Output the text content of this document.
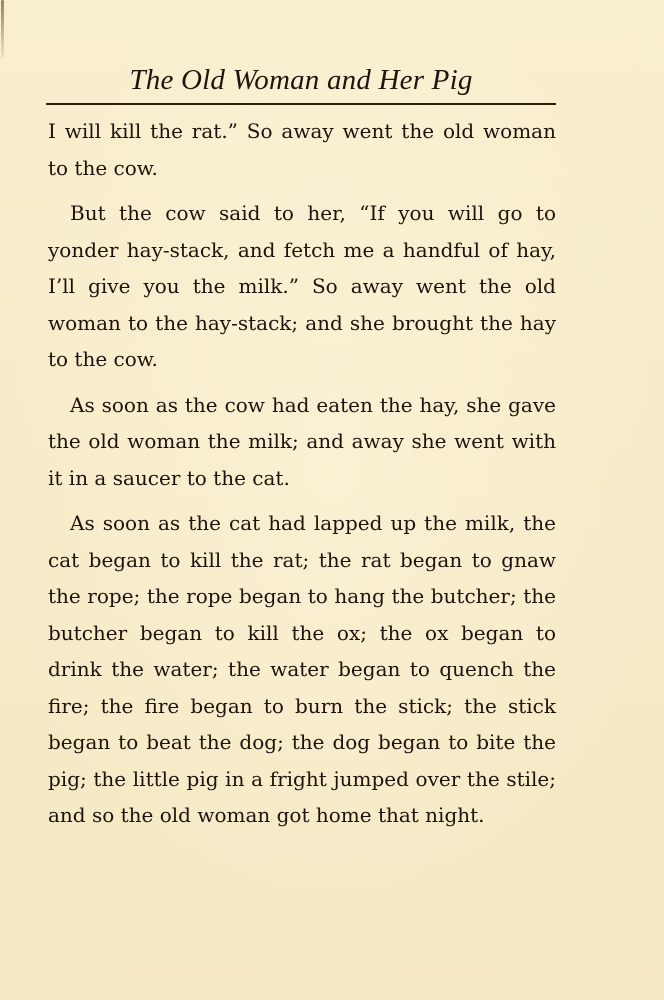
The Old Woman and Her Pig

I will kill the rat.” So away went the old woman to the cow.

But the cow said to her, “If you will go to yonder hay-stack, and fetch me a handful of hay, I’ll give you the milk.” So away went the old woman to the hay-stack; and she brought the hay to the cow.

As soon as the cow had eaten the hay, she gave the old woman the milk; and away she went with it in a saucer to the cat.

As soon as the cat had lapped up the milk, the cat began to kill the rat; the rat began to gnaw the rope; the rope began to hang the butcher; the butcher began to kill the ox; the ox began to drink the water; the water began to quench the fire; the fire began to burn the stick; the stick began to beat the dog; the dog began to bite the pig; the little pig in a fright jumped over the stile; and so the old woman got home that night.
